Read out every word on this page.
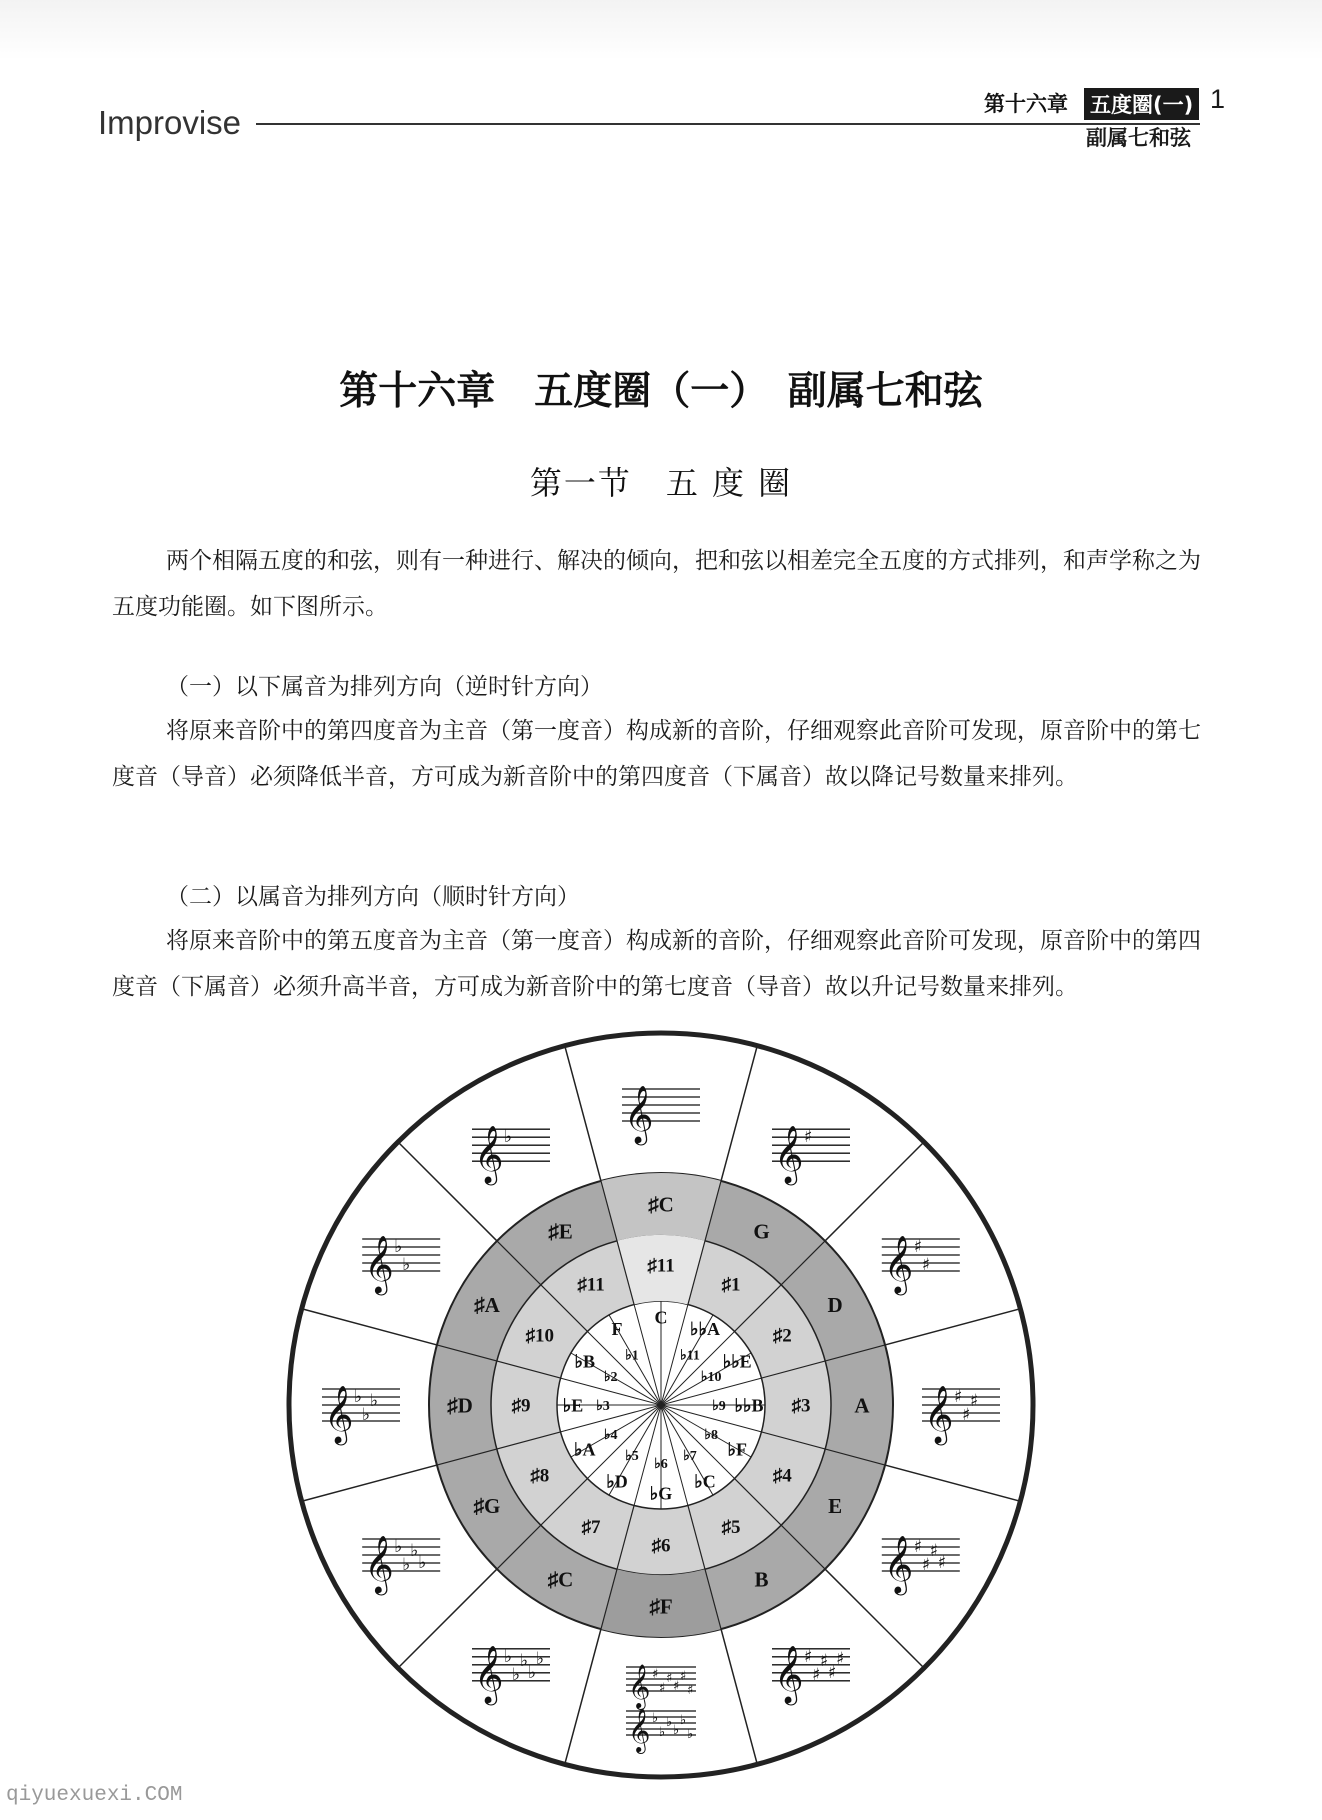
Improvise	第十六章 五度圈(一) 1
副属七和弦
第十六章　五度圈（一）　副属七和弦
第一节　五 度 圈
两个相隔五度的和弦，则有一种进行、解决的倾向，把和弦以相差完全五度的方式排列，和声学称之为五度功能圈。如下图所示。
（一）以下属音为排列方向（逆时针方向）
将原来音阶中的第四度音为主音（第一度音）构成新的音阶，仔细观察此音阶可发现，原音阶中的第七度音（导音）必须降低半音，方可成为新音阶中的第四度音（下属音）故以降记号数量来排列。
（二）以属音为排列方向（顺时针方向）
将原来音阶中的第五度音为主音（第一度音）构成新的音阶，仔细观察此音阶可发现，原音阶中的第四度音（下属音）必须升高半音，方可成为新音阶中的第七度音（导音）故以升记号数量来排列。
♯C
G
D
A
E
B
♯F
♯C
♯G
♯D
♯A
♯E
♯11
♯1
♯2
♯3
♯4
♯5
♯6
♯7
♯8
♯9
♯10
♯11
C
♭♭A
♭♭E
♭♭B
♭F
♭C
♭G
♭D
♭A
♭E
♭B
F
♭11
♭10
♭9
♭8
♭7
♭6
♭5
♭4
♭3
♭2
♭1
𝄞
𝄞 ♯
𝄞 ♯
♯
𝄞 ♯
♯
♯
𝄞 ♯
♯
♯
♯
𝄞 ♯
♯
♯
♯
♯
𝄞 ♯
♯
♯
♯
♯
♯
𝄞 ♭
♭
♭
♭
♭
♭
𝄞 ♭
♭
♭
♭
♭
𝄞 ♭
♭
♭
♭
𝄞 ♭
♭
♭
𝄞 ♭
♭
𝄞 ♭
qiyuexuexi.COM
